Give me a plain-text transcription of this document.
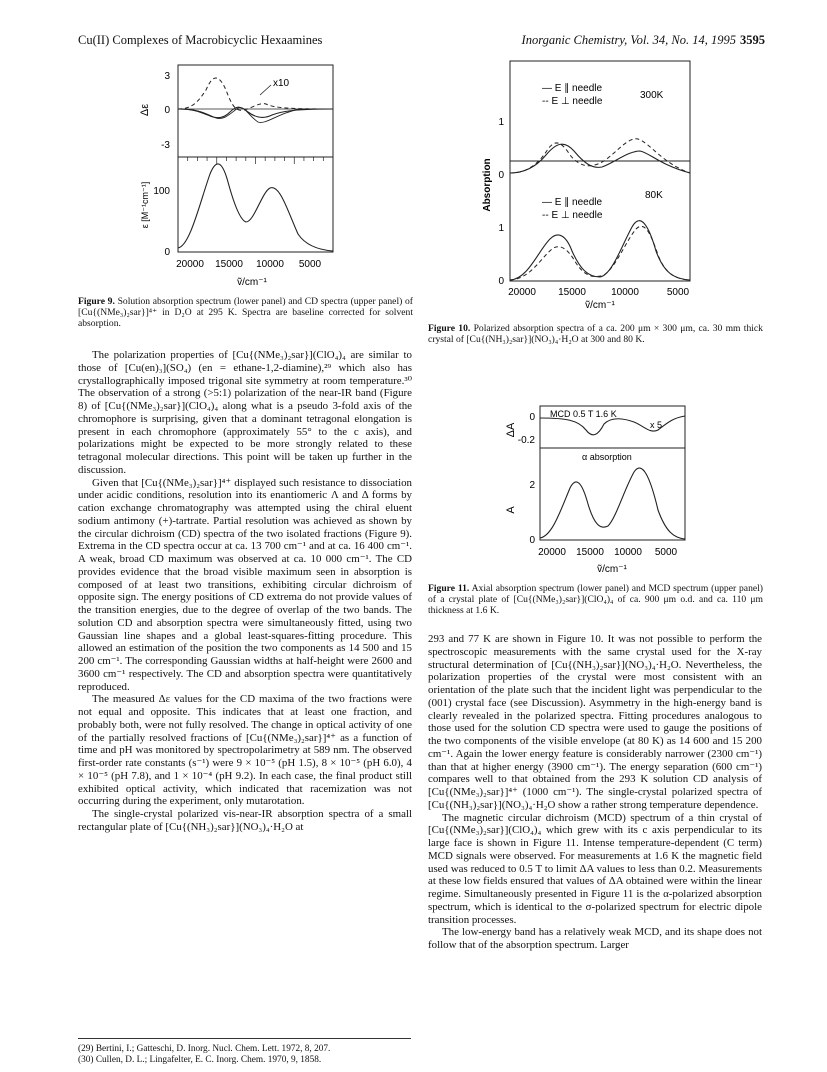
Cu(II) Complexes of Macrobicyclic Hexaamines	Inorganic Chemistry, Vol. 34, No. 14, 1995 3595
3
0
-3
Δε
x10
100
0
ε [M⁻¹cm⁻¹]
20000 15000 10000 5000
ṽ/cm⁻¹
Figure 9. Solution absorption spectrum (lower panel) and CD spectra (upper panel) of [Cu{(NMe₃)₂sar}]⁴⁺ in D₂O at 295 K. Spectra are baseline corrected for solvent absorption.
1
0
1
0
Absorption
— E ∥ needle
-- E ⊥ needle
300K
— E ∥ needle
-- E ⊥ needle
80K
20000 15000	10000	5000
ṽ/cm⁻¹
Figure 10. Polarized absorption spectra of a ca. 200 μm × 300 μm, ca. 30 mm thick crystal of [Cu{(NH₃)₂sar}](NO₃)₄·H₂O at 300 and 80 K.
MCD 0.5 T 1.6 K
0
-0.2
ΔA	x 5
α absorption
2
0
A
20000 15000 10000 5000
ṽ/cm⁻¹
Figure 11. Axial absorption spectrum (lower panel) and MCD spectrum (upper panel) of a crystal plate of [Cu{(NMe₃)₂sar}](ClO₄)₄ of ca. 900 μm o.d. and ca. 110 μm thickness at 1.6 K.

The polarization properties of [Cu{(NMe₃)₂sar}](ClO₄)₄ are similar to those of [Cu(en)₃](SO₄) (en = ethane-1,2-diamine),²⁹ which also has crystallographically imposed trigonal site symmetry at room temperature.³⁰ The observation of a strong (>5:1) polarization of the near-IR band (Figure 8) of [Cu{(NMe₃)₂sar}](ClO₄)₄ along what is a pseudo 3-fold axis of the chromophore is surprising, given that a dominant tetragonal elongation is present in each chromophore (approximately 55° to the c axis), and polarizations might be expected to be more strongly related to these tetragonal molecular directions. This point will be taken up further in the discussion.

Given that [Cu{(NMe₃)₂sar}]⁴⁺ displayed such resistance to dissociation under acidic conditions, resolution into its enantiomeric Λ and Δ forms by cation exchange chromatography was attempted using the chiral eluent sodium antimony (+)-tartrate. Partial resolution was achieved as shown by the circular dichroism (CD) spectra of the two isolated fractions (Figure 9). Extrema in the CD spectra occur at ca. 13 700 cm⁻¹ and at ca. 16 400 cm⁻¹. A weak, broad CD maximum was observed at ca. 10 000 cm⁻¹. The CD provides evidence that the broad visible maximum seen in absorption is composed of at least two transitions, exhibiting circular dichroism of opposite sign. The energy positions of CD extrema do not provide values of the transition energies, due to the degree of overlap of the two bands. The solution CD and absorption spectra were simultaneously fitted, using two Gaussian line shapes and a global least-squares-fitting procedure. This allowed an estimation of the position the two components as 14 500 and 15 200 cm⁻¹. The corresponding Gaussian widths at half-height were 2600 and 3600 cm⁻¹ respectively. The CD and absorption spectra were quantitatively reproduced.

The measured Δε values for the CD maxima of the two fractions were not equal and opposite. This indicates that at least one fraction, and probably both, were not fully resolved. The change in optical activity of one of the partially resolved fractions of [Cu{(NMe₃)₂sar}]⁴⁺ as a function of time and pH was monitored by spectropolarimetry at 589 nm. The observed first-order rate constants (s⁻¹) were 9 × 10⁻⁵ (pH 1.5), 8 × 10⁻⁵ (pH 6.0), 4 × 10⁻⁵ (pH 7.8), and 1 × 10⁻⁴ (pH 9.2). In each case, the final product still exhibited optical activity, which indicated that racemization was not occurring during the experiment, only mutarotation.

The single-crystal polarized vis-near-IR absorption spectra of a small rectangular plate of [Cu{(NH₃)₂sar}](NO₃)₄·H₂O at

293 and 77 K are shown in Figure 10. It was not possible to perform the spectroscopic measurements with the same crystal used for the X-ray structural determination of [Cu{(NH₃)₂sar}](NO₃)₄·H₂O. Nevertheless, the polarization properties of the crystal were most consistent with an orientation of the plate such that the incident light was perpendicular to the (001) crystal face (see Discussion). Asymmetry in the high-energy band is clearly revealed in the polarized spectra. Fitting procedures analogous to those used for the solution CD spectra were used to gauge the positions of the two components of the visible envelope (at 80 K) as 14 600 and 15 200 cm⁻¹. Again the lower energy feature is considerably narrower (2300 cm⁻¹) than that at higher energy (3900 cm⁻¹). The energy separation (600 cm⁻¹) compares well to that obtained from the 293 K solution CD analysis of [Cu{(NMe₃)₂sar}]⁴⁺ (1000 cm⁻¹). The single-crystal polarized spectra of [Cu{(NH₃)₂sar}](NO₃)₄·H₂O show a rather strong temperature dependence.

The magnetic circular dichroism (MCD) spectrum of a thin crystal of [Cu{(NMe₃)₂sar}](ClO₄)₄ which grew with its c axis perpendicular to its large face is shown in Figure 11. Intense temperature-dependent (C term) MCD signals were observed. For measurements at 1.6 K the magnetic field used was reduced to 0.5 T to limit ΔA values to less than 0.2. Measurements at these low fields ensured that values of ΔA obtained were within the linear regime. Simultaneously presented in Figure 11 is the α-polarized absorption spectrum, which is identical to the σ-polarized spectrum for electric dipole transition processes.

The low-energy band has a relatively weak MCD, and its shape does not follow that of the absorption spectrum. Larger

(29) Bertini, I.; Gatteschi, D. Inorg. Nucl. Chem. Lett. 1972, 8, 207.
(30) Cullen, D. L.; Lingafelter, E. C. Inorg. Chem. 1970, 9, 1858.
